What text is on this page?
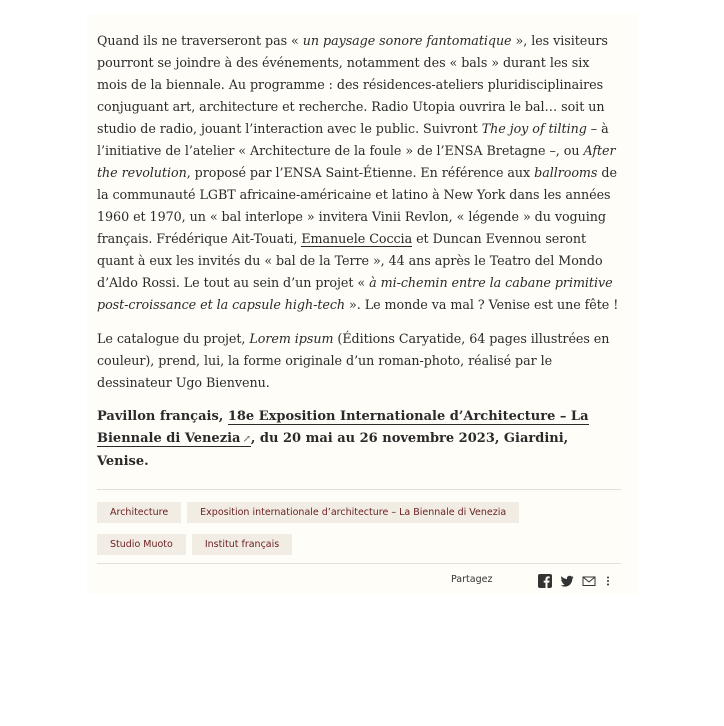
Quand ils ne traverseront pas « un paysage sonore fantomatique », les visiteurs pourront se joindre à des événements, notamment des « bals » durant les six mois de la biennale. Au programme : des résidences-ateliers pluridisciplinaires conjuguant art, architecture et recherche. Radio Utopia ouvrira le bal… soit un studio de radio, jouant l’interaction avec le public. Suivront The joy of tilting – à l’initiative de l’atelier « Architecture de la foule » de l’ENSA Bretagne –, ou After the revolution, proposé par l’ENSA Saint-Étienne. En référence aux ballrooms de la communauté LGBT africaine-américaine et latino à New York dans les années 1960 et 1970, un « bal interlope » invitera Vinii Revlon, « légende » du voguing français. Frédérique Ait-Touati, Emanuele Coccia et Duncan Evennou seront quant à eux les invités du « bal de la Terre », 44 ans après le Teatro del Mondo d’Aldo Rossi. Le tout au sein d’un projet « à mi-chemin entre la cabane primitive post-croissance et la capsule high-tech ». Le monde va mal ? Venise est une fête !

Le catalogue du projet, Lorem ipsum (Éditions Caryatide, 64 pages illustrées en couleur), prend, lui, la forme originale d’un roman-photo, réalisé par le dessinateur Ugo Bienvenu.

Pavillon français, 18e Exposition Internationale d’Architecture – La Biennale di Venezia ↗, du 20 mai au 26 novembre 2023, Giardini, Venise.

Architecture	Exposition internationale d’architecture – La Biennale di Venezia
Studio Muoto	Institut français
Partagez
